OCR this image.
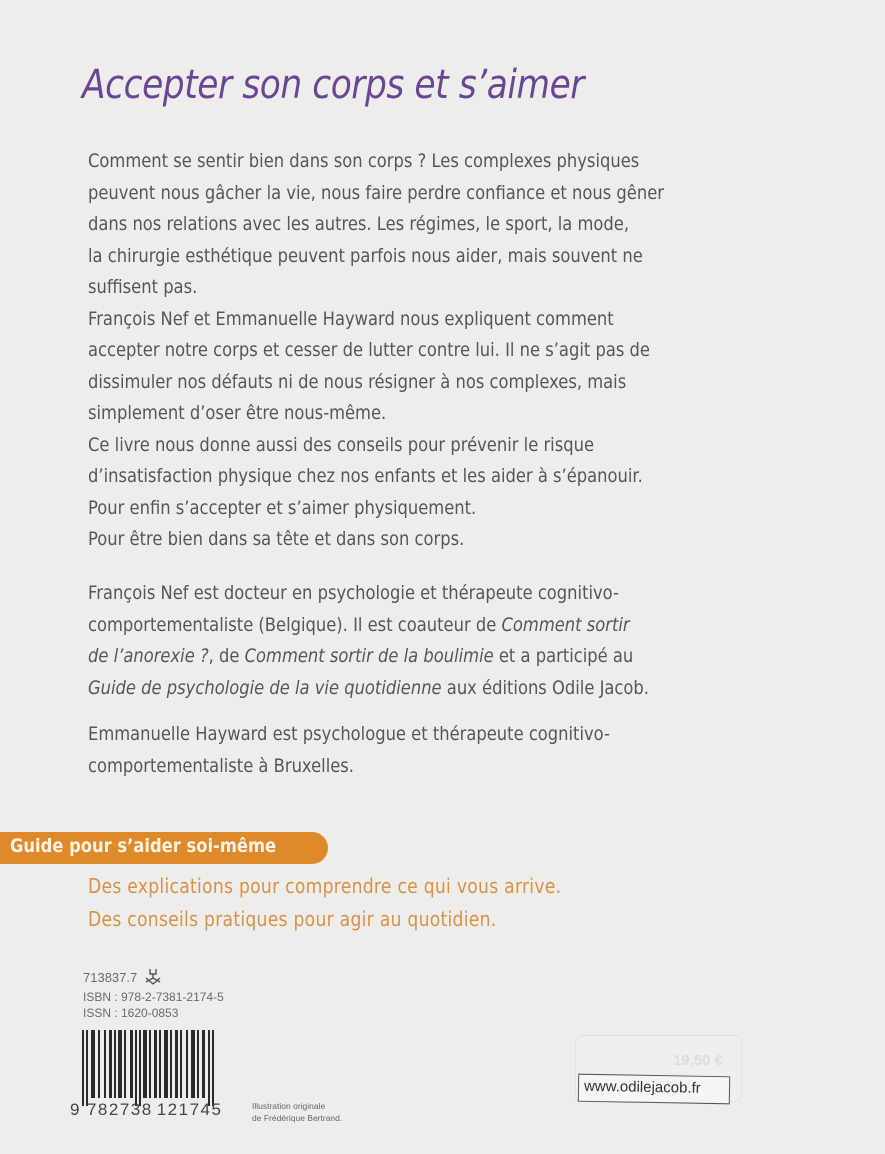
Accepter son corps et s’aimer

Comment se sentir bien dans son corps ? Les complexes physiques

peuvent nous gâcher la vie, nous faire perdre confiance et nous gêner

dans nos relations avec les autres. Les régimes, le sport, la mode,

la chirurgie esthétique peuvent parfois nous aider, mais souvent ne

suffisent pas.

François Nef et Emmanuelle Hayward nous expliquent comment

accepter notre corps et cesser de lutter contre lui. Il ne s’agit pas de

dissimuler nos défauts ni de nous résigner à nos complexes, mais

simplement d’oser être nous-même.

Ce livre nous donne aussi des conseils pour prévenir le risque

d’insatisfaction physique chez nos enfants et les aider à s’épanouir.

Pour enfin s’accepter et s’aimer physiquement.

Pour être bien dans sa tête et dans son corps.

François Nef est docteur en psychologie et thérapeute cognitivo-

comportementaliste (Belgique). Il est coauteur de Comment sortir

de l’anorexie ?, de Comment sortir de la boulimie et a participé au

Guide de psychologie de la vie quotidienne aux éditions Odile Jacob.

Emmanuelle Hayward est psychologue et thérapeute cognitivo-

comportementaliste à Bruxelles.

Guide pour s’aider soi-même

Des explications pour comprendre ce qui vous arrive.

Des conseils pratiques pour agir au quotidien.

713837.7
ISBN : 978-2-7381-2174-5
ISSN : 1620-0853
9 782738 121745	Illustration originale
de Frédérique Bertrand.
19,50 €
www.odilejacob.fr
